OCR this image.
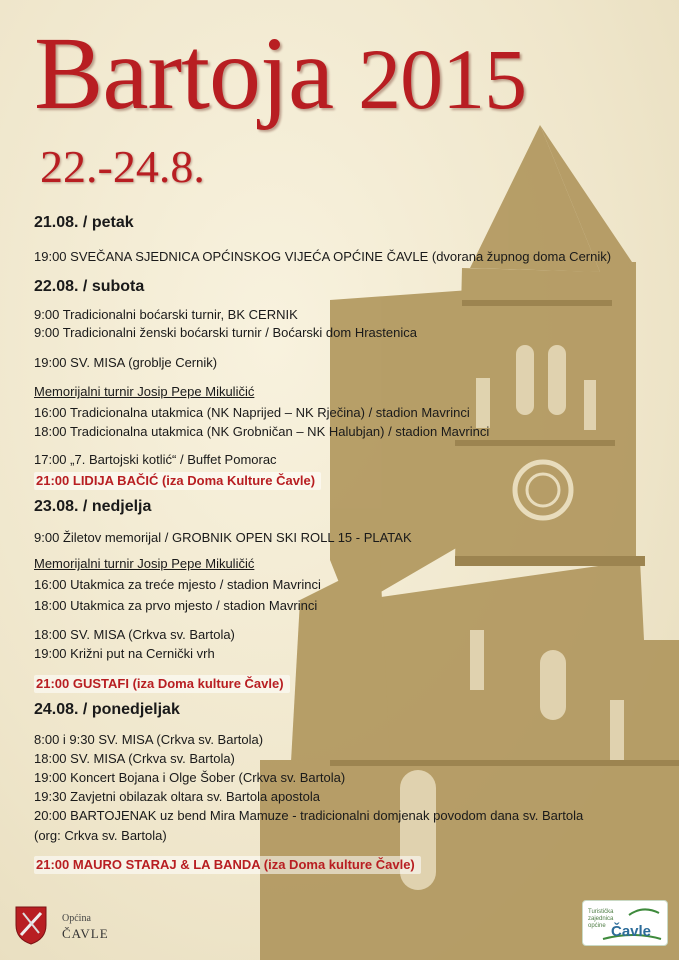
Bartoja 2015
22.-24.8.
21.08. / petak
19:00 SVEČANA SJEDNICA OPĆINSKOG VIJEĆA OPĆINE ČAVLE (dvorana župnog doma Cernik)
22.08. / subota
9:00 Tradicionalni boćarski turnir, BK CERNIK
9:00 Tradicionalni ženski boćarski turnir / Boćarski dom Hrastenica
19:00 SV. MISA (groblje Cernik)
Memorijalni turnir Josip Pepe Mikuličić
16:00 Tradicionalna utakmica (NK Naprijed – NK Rječina) / stadion Mavrinci
18:00 Tradicionalna utakmica (NK Grobničan – NK Halubjan) / stadion Mavrinci
17:00 „7. Bartojski kotlić“ / Buffet Pomorac
21:00 LIDIJA BAČIĆ (iza Doma Kulture Čavle)
23.08. / nedjelja
9:00 Žiletov memorijal / GROBNIK OPEN SKI ROLL 15 - PLATAK
Memorijalni turnir Josip Pepe Mikuličić
16:00 Utakmica za treće mjesto / stadion Mavrinci
18:00 Utakmica za prvo mjesto / stadion Mavrinci
18:00 SV. MISA (Crkva sv. Bartola)
19:00 Križni put na Cernički vrh
21:00 GUSTAFI (iza Doma kulture Čavle)
24.08. / ponedjeljak
8:00 i 9:30 SV. MISA (Crkva sv. Bartola)
18:00 SV. MISA (Crkva sv. Bartola)
19:00 Koncert Bojana i Olge Šober (Crkva sv. Bartola)
19:30 Zavjetni obilazak oltara sv. Bartola apostola
20:00 BARTOJENAK uz bend Mira Mamuze - tradicionalni domjenak povodom dana sv. Bartola
(org: Crkva sv. Bartola)
21:00 MAURO STARAJ & LA BANDA (iza Doma kulture Čavle)
Općina
ČAVLE
Turistička zajednica općine Čavle
